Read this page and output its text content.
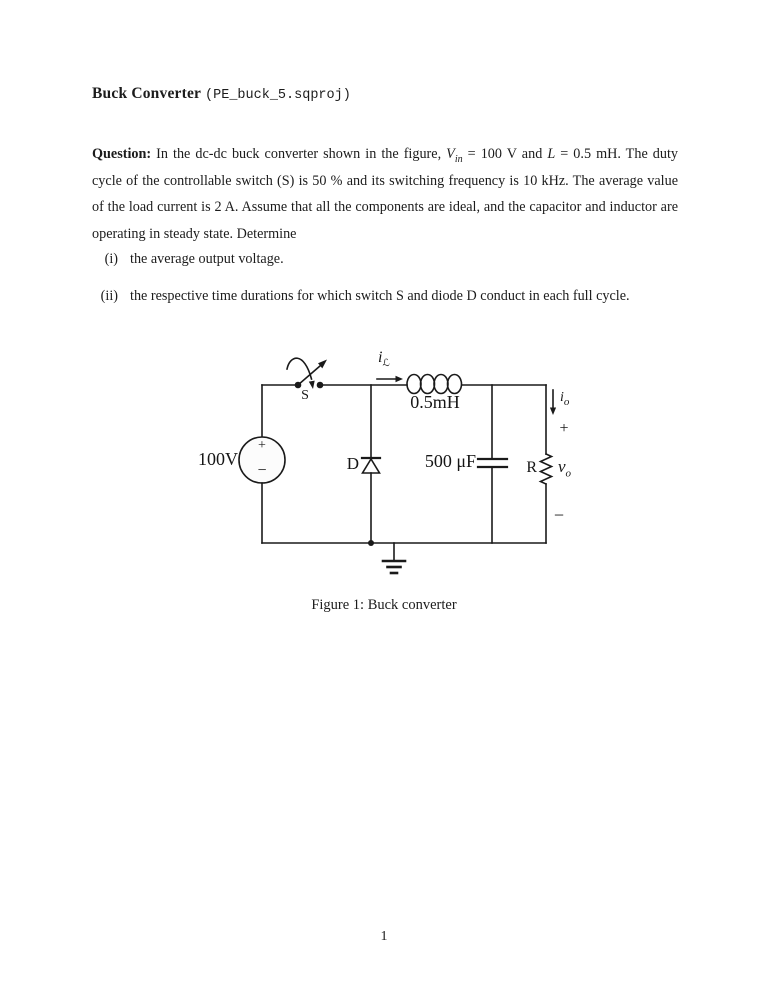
Buck Converter (PE_buck_5.sqproj)

Question: In the dc-dc buck converter shown in the figure, $V_{in} = 100$ V and L = 0.5 mH. The duty cycle of the controllable switch (S) is 50 % and its switching frequency is 10 kHz. The average value of the load current is 2 A. Assume that all the components are ideal, and the capacitor and inductor are operating in steady state. Determine

(i) the average output voltage.
(ii) the respective time durations for which switch S and diode D conduct in each full cycle.
100V
+
−
S
$i_ℒ$
0.5mH
D	500 μF	R $v_o$
$i_o$
+
−
Figure 1: Buck converter
1
